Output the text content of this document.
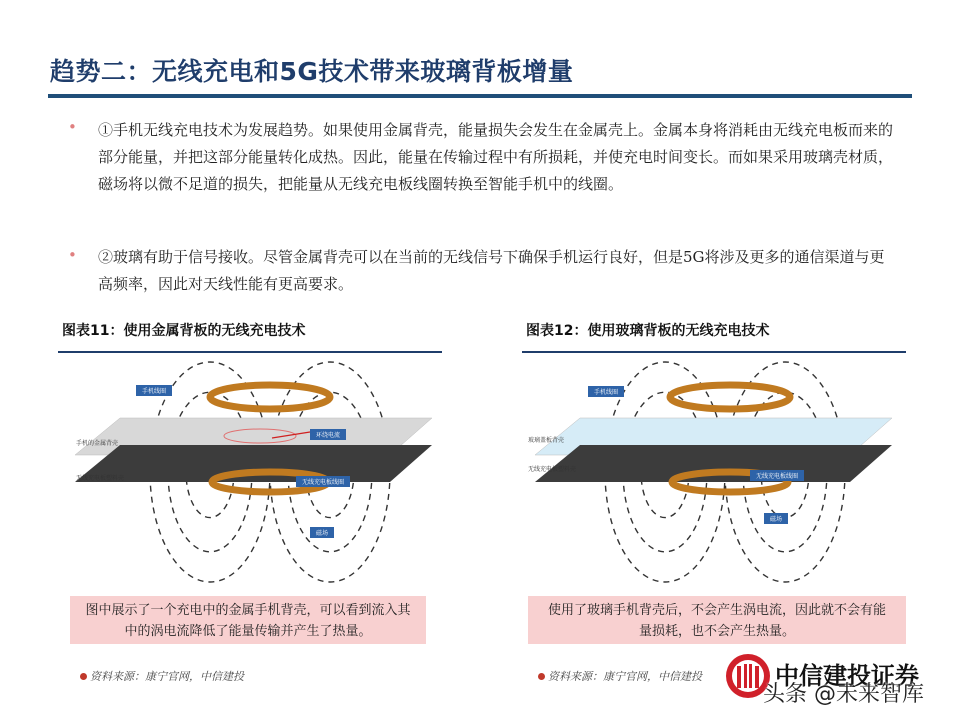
趋势二：无线充电和5G技术带来玻璃背板增量
• ①手机无线充电技术为发展趋势。如果使用金属背壳，能量损失会发生在金属壳上。金属本身将消耗由无线充电板而来的部分能量，并把这部分能量转化成热。因此，能量在传输过程中有所损耗，并使充电时间变长。而如果采用玻璃壳材质，磁场将以微不足道的损失，把能量从无线充电板线圈转换至智能手机中的线圈。
• ②玻璃有助于信号接收。尽管金属背壳可以在当前的无线信号下确保手机运行良好，但是5G将涉及更多的通信渠道与更高频率，因此对天线性能有更高要求。
图表11：使用金属背板的无线充电技术	图表12：使用玻璃背板的无线充电技术
手机线圈
环绕电流
手机的金属背壳
无线充电板塑料壳
无线充电板线圈
磁场
手机线圈
玻璃盖板背壳
无线充电板塑料壳
无线充电板线圈
磁场
图中展示了一个充电中的金属手机背壳，可以看到流入其中的涡电流降低了能量传输并产生了热量。
使用了玻璃手机背壳后，不会产生涡电流，因此就不会有能量损耗，也不会产生热量。
资料来源：康宁官网，中信建投	资料来源：康宁官网，中信建投	中信建投证券
头条 @未来智库
